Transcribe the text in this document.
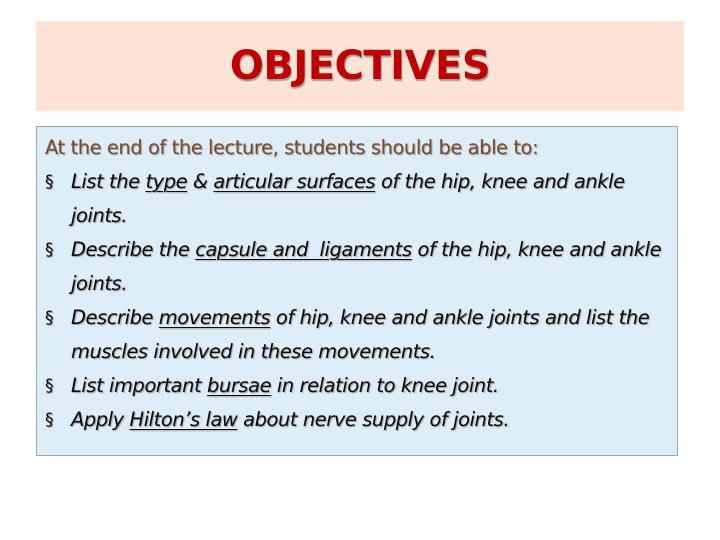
OBJECTIVES

At the end of the lecture, students should be able to:

§ List the type & articular surfaces of the hip, knee and ankle joints.
§ Describe the capsule and  ligaments of the hip, knee and ankle joints.
§ Describe movements of hip, knee and ankle joints and list the muscles involved in these movements.
§ List important bursae in relation to knee joint.
§ Apply Hilton’s law about nerve supply of joints.
